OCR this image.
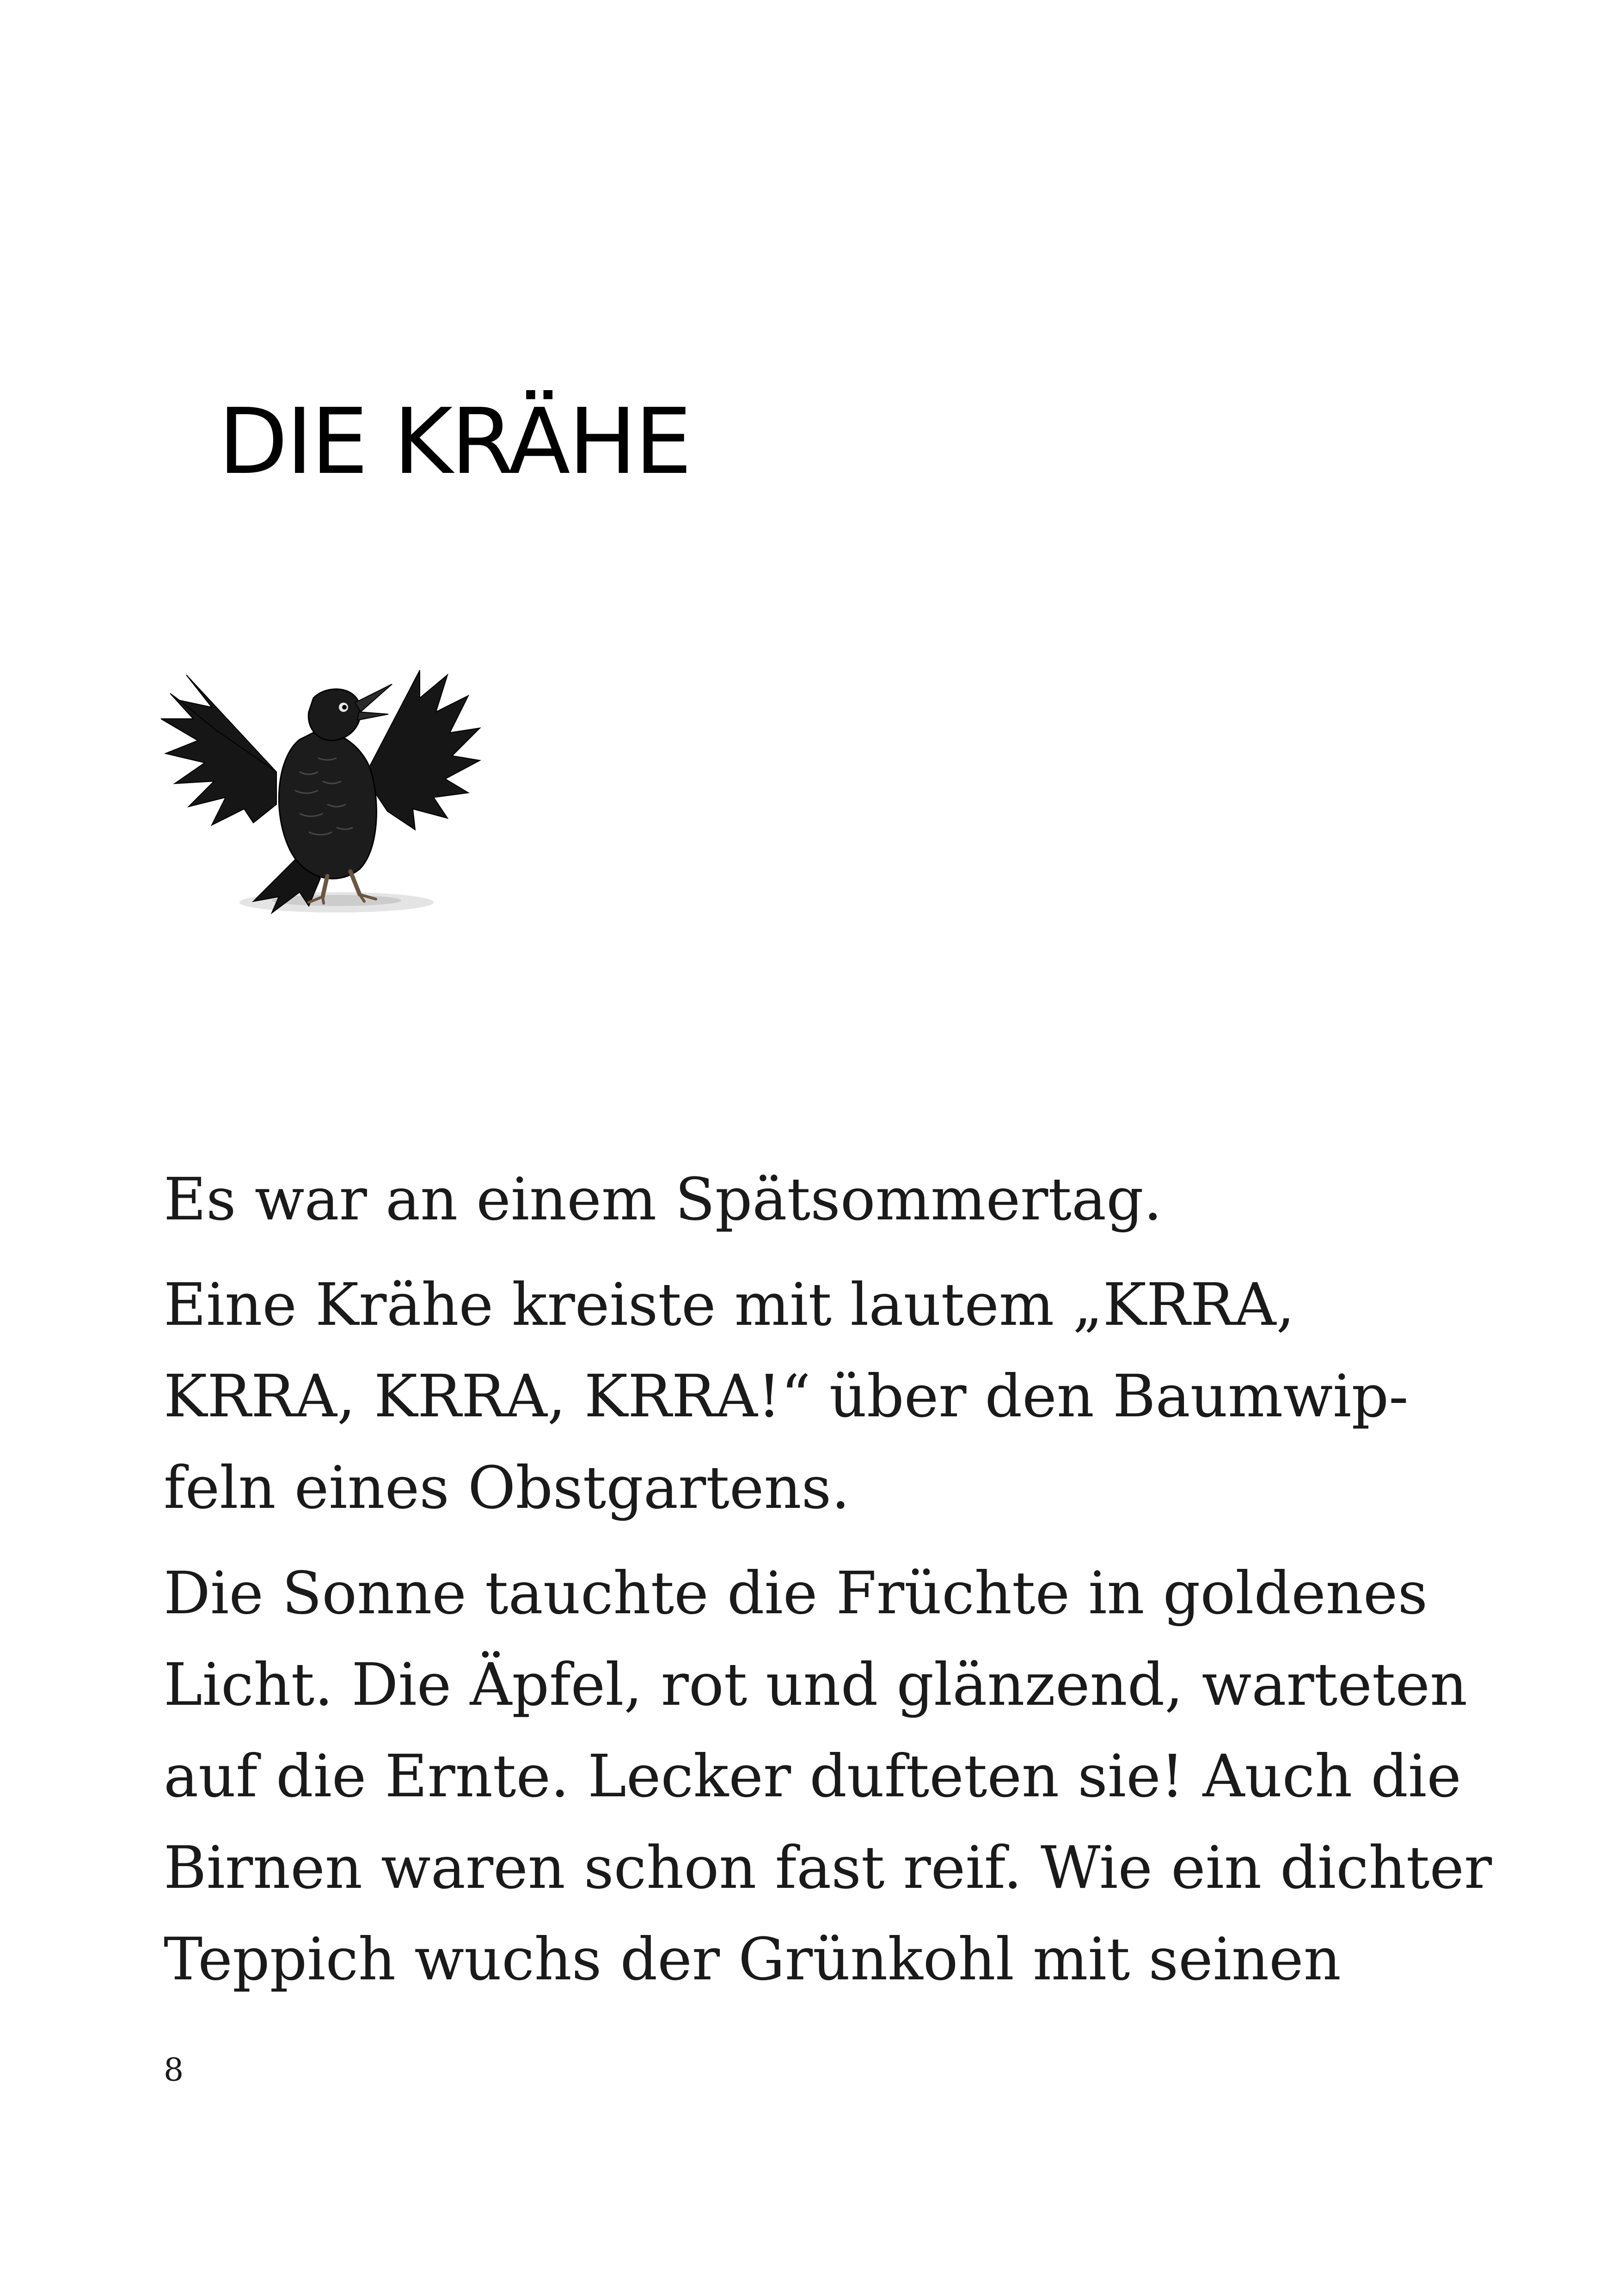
DIE KRÄHE

Es war an einem Spätsommertag.

Eine Krähe kreiste mit lautem „KRRA,
KRRA, KRRA, KRRA!“ über den Baumwip-
feln eines Obstgartens.

Die Sonne tauchte die Früchte in goldenes
Licht. Die Äpfel, rot und glänzend, warteten
auf die Ernte. Lecker dufteten sie! Auch die
Birnen waren schon fast reif. Wie ein dichter
Teppich wuchs der Grünkohl mit seinen

8
